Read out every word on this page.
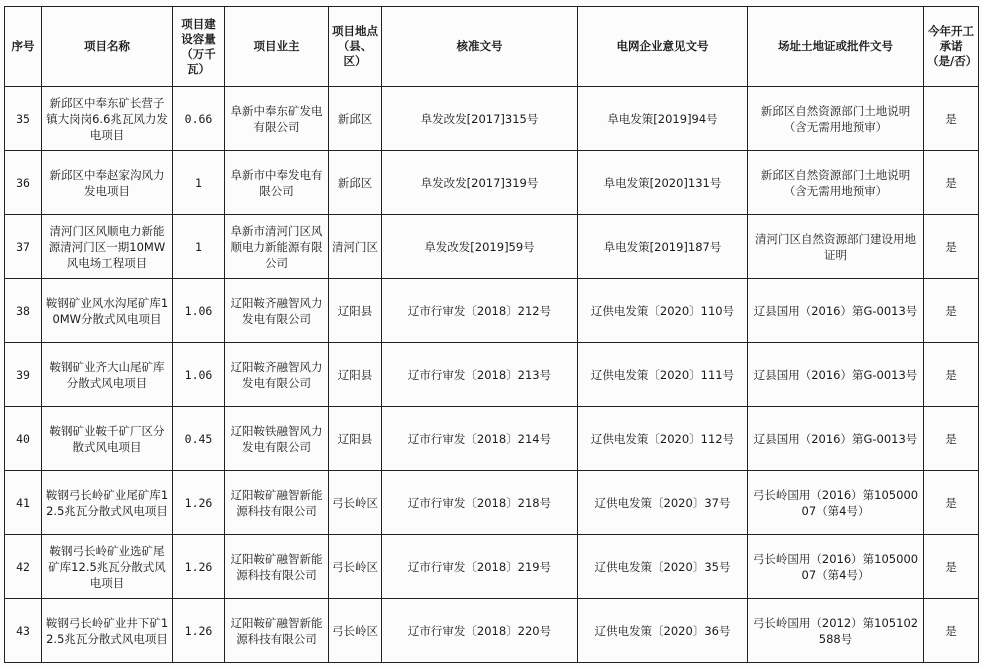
序号	项目名称	项目建设容量（万千瓦）	项目业主	项目地点（县、区）	核准文号	电网企业意见文号	场址土地证或批件文号	今年开工承诺（是/否）
35	新邱区中奉东矿长营子镇大岗岗6.6兆瓦风力发电项目	0.66	阜新中奉东矿发电有限公司	新邱区	阜发改发[2017]315号	阜电发策[2019]94号	新邱区自然资源部门土地说明（含无需用地预审）	是
36	新邱区中奉赵家沟风力发电项目	1	阜新市中奉发电有限公司	新邱区	阜发改发[2017]319号	阜电发策[2020]131号	新邱区自然资源部门土地说明（含无需用地预审）	是
37	清河门区风顺电力新能源清河门区一期10MW风电场工程项目	1	阜新市清河门区风顺电力新能源有限公司	清河门区	阜发改发[2019]59号	阜电发策[2019]187号	清河门区自然资源部门建设用地证明	是
38	鞍钢矿业风水沟尾矿库10MW分散式风电项目	1.06	辽阳鞍齐融智风力发电有限公司	辽阳县	辽市行审发〔2018〕212号	辽供电发策〔2020〕110号	辽县国用（2016）第G-0013号	是
39	鞍钢矿业齐大山尾矿库分散式风电项目	1.06	辽阳鞍齐融智风力发电有限公司	辽阳县	辽市行审发〔2018〕213号	辽供电发策〔2020〕111号	辽县国用（2016）第G-0013号	是
40	鞍钢矿业鞍千矿厂区分散式风电项目	0.45	辽阳鞍铁融智风力发电有限公司	辽阳县	辽市行审发〔2018〕214号	辽供电发策〔2020〕112号	辽县国用（2016）第G-0013号	是
41	鞍钢弓长岭矿业尾矿库12.5兆瓦分散式风电项目	1.26	辽阳鞍矿融智新能源科技有限公司	弓长岭区	辽市行审发〔2018〕218号	辽供电发策〔2020〕37号	弓长岭国用（2016）第10500007（第4号）	是
42	鞍钢弓长岭矿业选矿尾矿库12.5兆瓦分散式风电项目	1.26	辽阳鞍矿融智新能源科技有限公司	弓长岭区	辽市行审发〔2018〕219号	辽供电发策〔2020〕35号	弓长岭国用（2016）第10500007（第4号）	是
43	鞍钢弓长岭矿业井下矿12.5兆瓦分散式风电项目	1.26	辽阳鞍矿融智新能源科技有限公司	弓长岭区	辽市行审发〔2018〕220号	辽供电发策〔2020〕36号	弓长岭国用（2012）第105102588号	是
